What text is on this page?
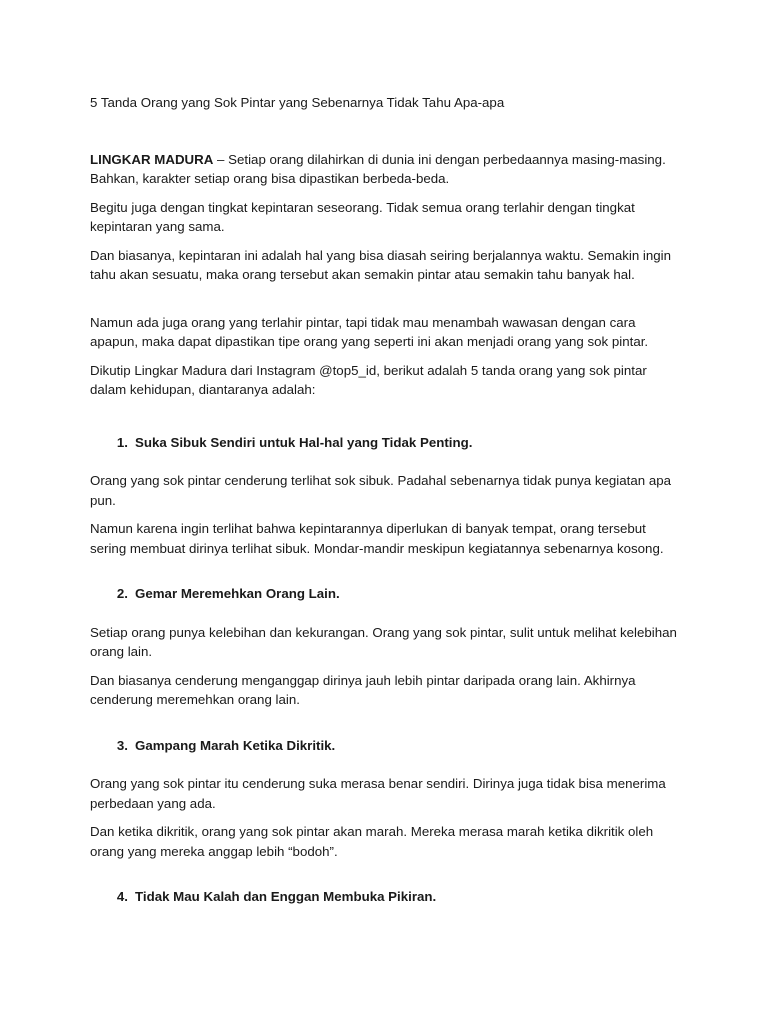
5 Tanda Orang yang Sok Pintar yang Sebenarnya Tidak Tahu Apa-apa

LINGKAR MADURA – Setiap orang dilahirkan di dunia ini dengan perbedaannya masing-masing. Bahkan, karakter setiap orang bisa dipastikan berbeda-beda.

Begitu juga dengan tingkat kepintaran seseorang. Tidak semua orang terlahir dengan tingkat kepintaran yang sama.

Dan biasanya, kepintaran ini adalah hal yang bisa diasah seiring berjalannya waktu. Semakin ingin tahu akan sesuatu, maka orang tersebut akan semakin pintar atau semakin tahu banyak hal.

Namun ada juga orang yang terlahir pintar, tapi tidak mau menambah wawasan dengan cara apapun, maka dapat dipastikan tipe orang yang seperti ini akan menjadi orang yang sok pintar.

Dikutip Lingkar Madura dari Instagram @top5_id, berikut adalah 5 tanda orang yang sok pintar dalam kehidupan, diantaranya adalah:

1. Suka Sibuk Sendiri untuk Hal-hal yang Tidak Penting.

Orang yang sok pintar cenderung terlihat sok sibuk. Padahal sebenarnya tidak punya kegiatan apa pun.

Namun karena ingin terlihat bahwa kepintarannya diperlukan di banyak tempat, orang tersebut sering membuat dirinya terlihat sibuk. Mondar-mandir meskipun kegiatannya sebenarnya kosong.

2. Gemar Meremehkan Orang Lain.

Setiap orang punya kelebihan dan kekurangan. Orang yang sok pintar, sulit untuk melihat kelebihan orang lain.

Dan biasanya cenderung menganggap dirinya jauh lebih pintar daripada orang lain. Akhirnya cenderung meremehkan orang lain.

3. Gampang Marah Ketika Dikritik.

Orang yang sok pintar itu cenderung suka merasa benar sendiri. Dirinya juga tidak bisa menerima perbedaan yang ada.

Dan ketika dikritik, orang yang sok pintar akan marah. Mereka merasa marah ketika dikritik oleh orang yang mereka anggap lebih “bodoh”.

4. Tidak Mau Kalah dan Enggan Membuka Pikiran.
